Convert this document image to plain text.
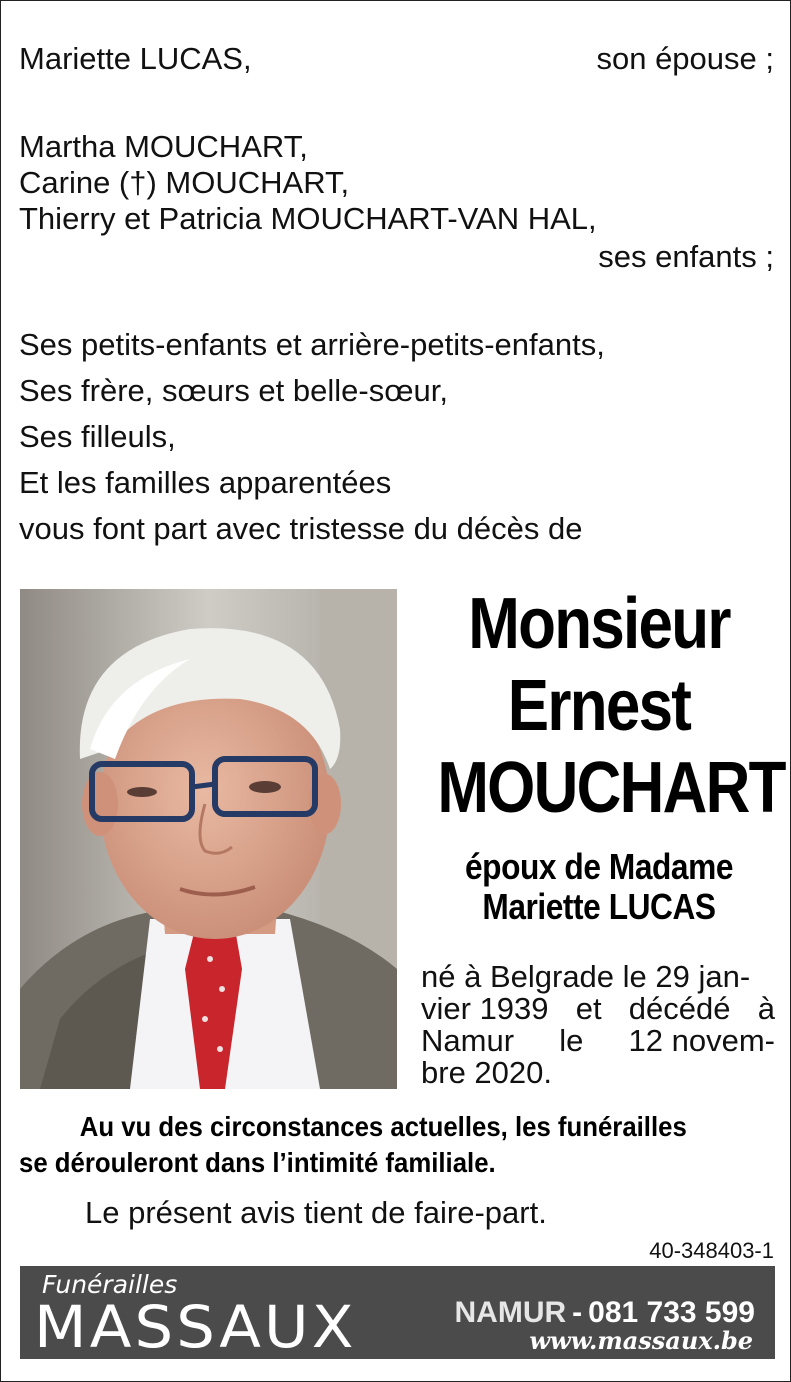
Mariette LUCAS,	son épouse ;
Martha MOUCHART,
Carine (†) MOUCHART,
Thierry et Patricia MOUCHART-VAN HAL,
ses enfants ;
Ses petits-enfants et arrière-petits-enfants,
Ses frère, sœurs et belle-sœur,
Ses filleuls,
Et les familles apparentées
vous font part avec tristesse du décès de
Monsieur
Ernest
MOUCHART
époux de Madame
Mariette LUCAS
né à Belgrade le 29 jan-
vier 1939 et décédé à
Namur le 12 novem-
bre 2020.
Au vu des circonstances actuelles, les funérailles
se dérouleront dans l’intimité familiale.
Le présent avis tient de faire-part.
40-348403-1
Funérailles
MASSAUX	NAMUR - 081 733 599
www.massaux.be
